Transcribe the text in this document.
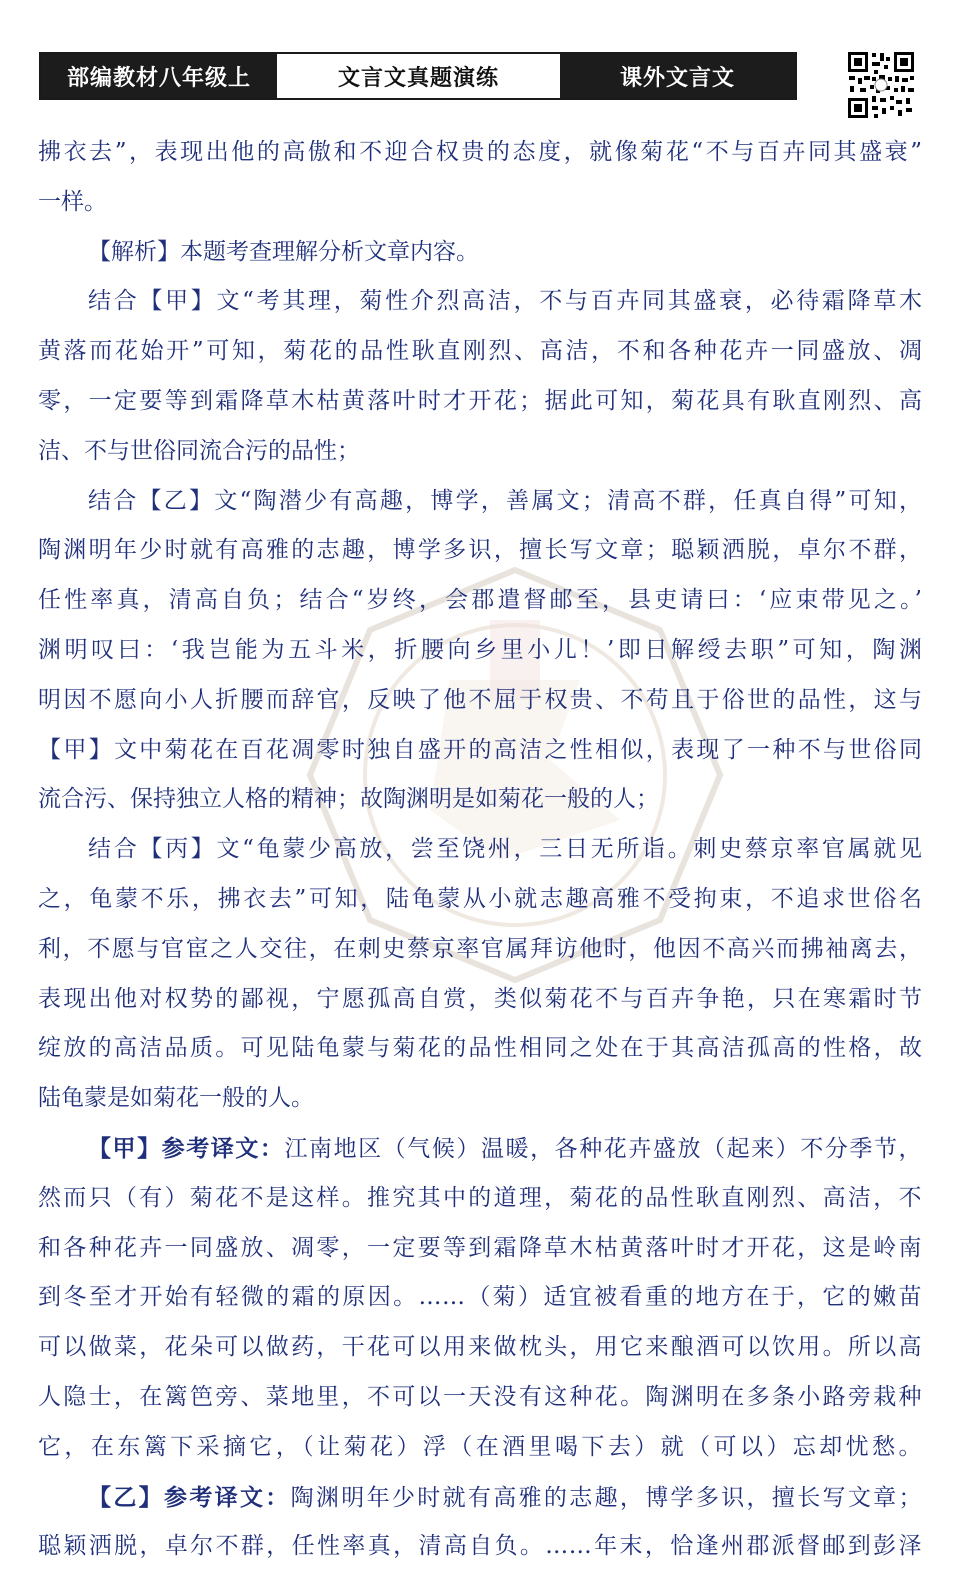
部编教材八年级上	文言文真题演练	课外文言文
拂衣去”，表现出他的高傲和不迎合权贵的态度，就像菊花“不与百卉同其盛衰”
一样。
【解析】本题考查理解分析文章内容。
结合【甲】文“考其理，菊性介烈高洁，不与百卉同其盛衰，必待霜降草木
黄落而花始开”可知，菊花的品性耿直刚烈、高洁，不和各种花卉一同盛放、凋
零，一定要等到霜降草木枯黄落叶时才开花；据此可知，菊花具有耿直刚烈、高
洁、不与世俗同流合污的品性；
结合【乙】文“陶潜少有高趣，博学，善属文；清高不群，任真自得”可知，
陶渊明年少时就有高雅的志趣，博学多识，擅长写文章；聪颖洒脱，卓尔不群，
任性率真，清高自负；结合“岁终，会郡遣督邮至，县吏请曰：‘应束带见之。’
渊明叹曰：‘我岂能为五斗米，折腰向乡里小儿！’即日解绶去职”可知，陶渊
明因不愿向小人折腰而辞官，反映了他不屈于权贵、不苟且于俗世的品性，这与
【甲】文中菊花在百花凋零时独自盛开的高洁之性相似，表现了一种不与世俗同
流合污、保持独立人格的精神；故陶渊明是如菊花一般的人；
结合【丙】文“龟蒙少高放，尝至饶州，三日无所诣。刺史蔡京率官属就见
之，龟蒙不乐，拂衣去”可知，陆龟蒙从小就志趣高雅不受拘束，不追求世俗名
利，不愿与官宦之人交往，在刺史蔡京率官属拜访他时，他因不高兴而拂袖离去，
表现出他对权势的鄙视，宁愿孤高自赏，类似菊花不与百卉争艳，只在寒霜时节
绽放的高洁品质。可见陆龟蒙与菊花的品性相同之处在于其高洁孤高的性格，故
陆龟蒙是如菊花一般的人。
【甲】参考译文：江南地区（气候）温暖，各种花卉盛放（起来）不分季节，
然而只（有）菊花不是这样。推究其中的道理，菊花的品性耿直刚烈、高洁，不
和各种花卉一同盛放、凋零，一定要等到霜降草木枯黄落叶时才开花，这是岭南
到冬至才开始有轻微的霜的原因。……（菊）适宜被看重的地方在于，它的嫩苗
可以做菜，花朵可以做药，干花可以用来做枕头，用它来酿酒可以饮用。所以高
人隐士，在篱笆旁、菜地里，不可以一天没有这种花。陶渊明在多条小路旁栽种
它，在东篱下采摘它，（让菊花）浮（在酒里喝下去）就（可以）忘却忧愁。
【乙】参考译文：陶渊明年少时就有高雅的志趣，博学多识，擅长写文章；
聪颖洒脱，卓尔不群，任性率真，清高自负。……年末，恰逢州郡派督邮到彭泽
